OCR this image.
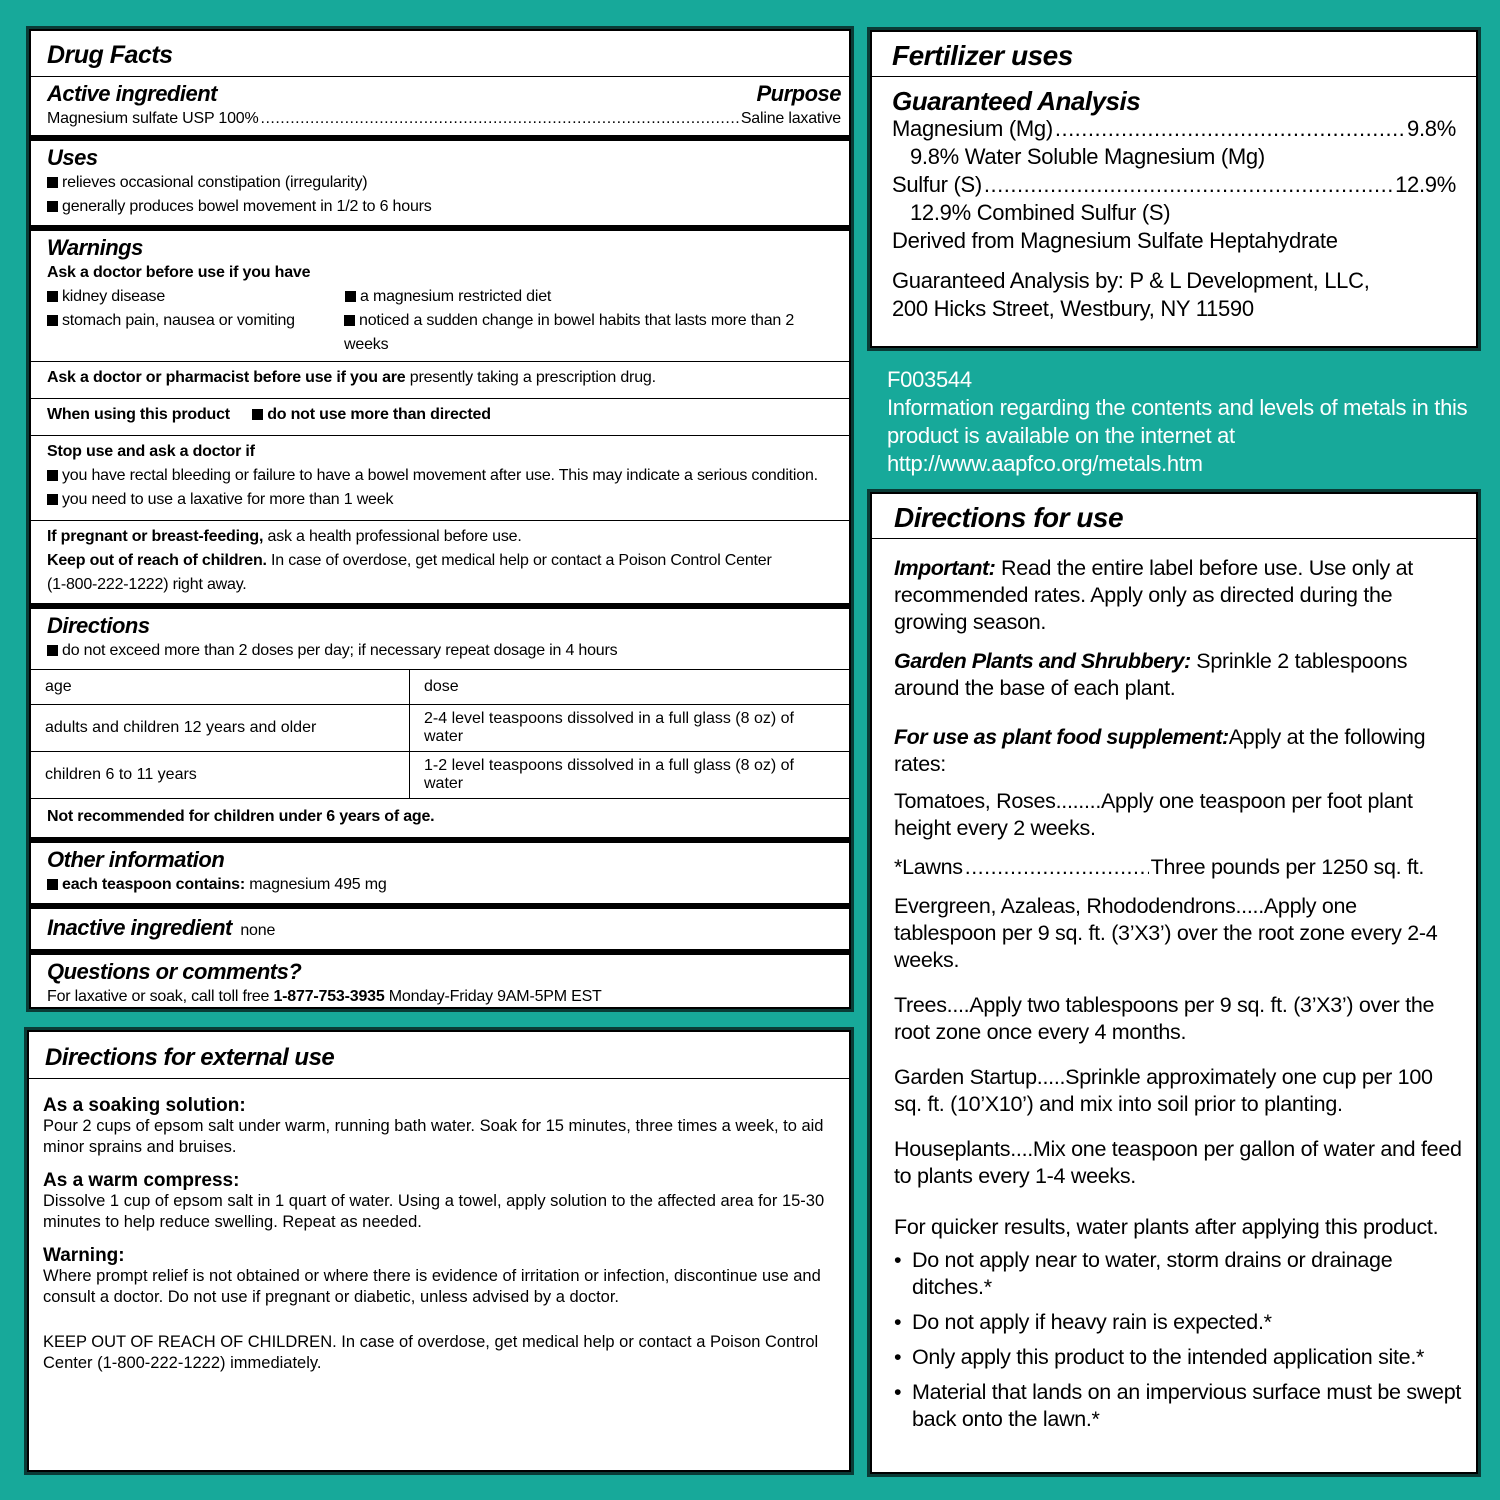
Drug Facts
Active ingredient	Purpose
Magnesium sulfate USP 100% .....	Saline laxative
Uses
relieves occasional constipation (irregularity)
generally produces bowel movement in 1/2 to 6 hours
Warnings
Ask a doctor before use if you have
kidney disease	a magnesium restricted diet
stomach pain, nausea or vomiting	noticed a sudden change in bowel habits that lasts more than 2 weeks
Ask a doctor or pharmacist before use if you are presently taking a prescription drug.
When using this product do not use more than directed
Stop use and ask a doctor if
you have rectal bleeding or failure to have a bowel movement after use. This may indicate a serious condition.
you need to use a laxative for more than 1 week
If pregnant or breast-feeding, ask a health professional before use.
Keep out of reach of children. In case of overdose, get medical help or contact a Poison Control Center
(1-800-222-1222) right away.
Directions
do not exceed more than 2 doses per day; if necessary repeat dosage in 4 hours
age	dose
adults and children 12 years and older	2-4 level teaspoons dissolved in a full glass (8 oz) of water
children 6 to 11 years	1-2 level teaspoons dissolved in a full glass (8 oz) of water
Not recommended for children under 6 years of age.
Other information
each teaspoon contains: magnesium 495 mg
Inactive ingredient none
Questions or comments?
For laxative or soak, call toll free 1-877-753-3935 Monday-Friday 9AM-5PM EST
Directions for external use
As a soaking solution:
Pour 2 cups of epsom salt under warm, running bath water. Soak for 15 minutes, three times a week, to aid minor sprains and bruises.
As a warm compress:
Dissolve 1 cup of epsom salt in 1 quart of water. Using a towel, apply solution to the affected area for 15-30 minutes to help reduce swelling. Repeat as needed.
Warning:
Where prompt relief is not obtained or where there is evidence of irritation or infection, discontinue use and consult a doctor. Do not use if pregnant or diabetic, unless advised by a doctor.
KEEP OUT OF REACH OF CHILDREN. In case of overdose, get medical help or contact a Poison Control Center (1-800-222-1222) immediately.
Fertilizer uses
Guaranteed Analysis
Magnesium (Mg) .....	9.8%
9.8% Water Soluble Magnesium (Mg)
Sulfur (S) .....	12.9%
12.9% Combined Sulfur (S)
Derived from Magnesium Sulfate Heptahydrate
Guaranteed Analysis by: P & L Development, LLC,
200 Hicks Street, Westbury, NY 11590
F003544
Information regarding the contents and levels of metals in this
product is available on the internet at
http://www.aapfco.org/metals.htm
Directions for use
Important: Read the entire label before use. Use only at recommended rates. Apply only as directed during the growing season.
Garden Plants and Shrubbery: Sprinkle 2 tablespoons around the base of each plant.
For use as plant food supplement:Apply at the following rates:
Tomatoes, Roses........Apply one teaspoon per foot plant height every 2 weeks.
*Lawns .....	Three pounds per 1250 sq. ft.
Evergreen, Azaleas, Rhododendrons.....Apply one tablespoon per 9 sq. ft. (3’X3’) over the root zone every 2-4 weeks.
Trees....Apply two tablespoons per 9 sq. ft. (3’X3’) over the root zone once every 4 months.
Garden Startup.....Sprinkle approximately one cup per 100 sq. ft. (10’X10’) and mix into soil prior to planting.
Houseplants....Mix one teaspoon per gallon of water and feed to plants every 1-4 weeks.
For quicker results, water plants after applying this product.
• Do not apply near to water, storm drains or drainage ditches.*
• Do not apply if heavy rain is expected.*
• Only apply this product to the intended application site.*
• Material that lands on an impervious surface must be swept back onto the lawn.*
